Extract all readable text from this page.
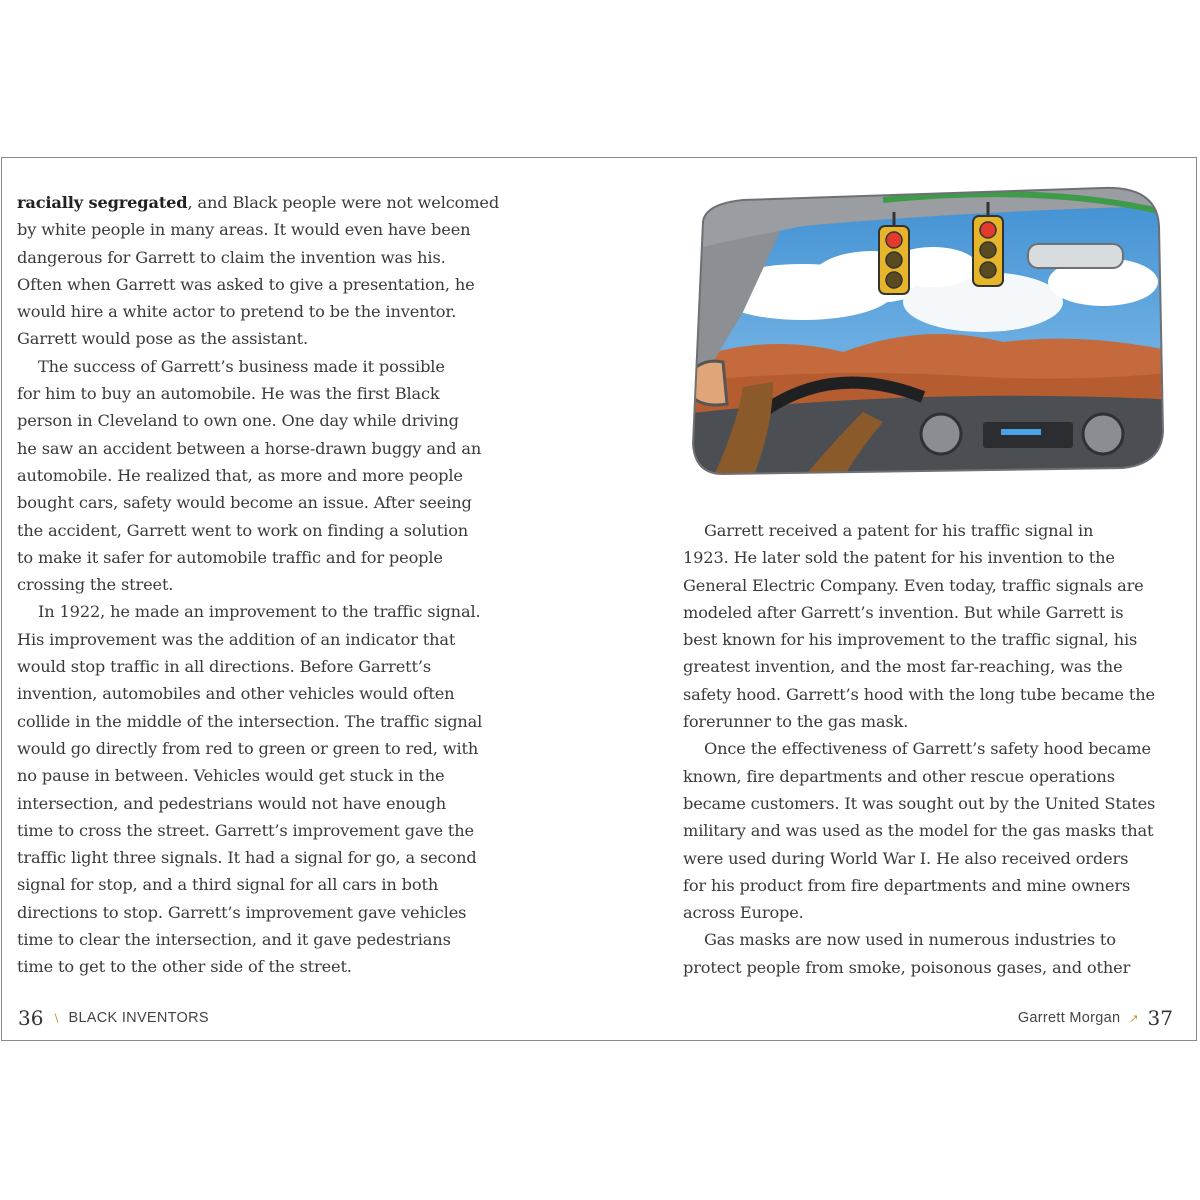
racially segregated, and Black people were not welcomed

by white people in many areas. It would even have been

dangerous for Garrett to claim the invention was his.

Often when Garrett was asked to give a presentation, he

would hire a white actor to pretend to be the inventor.

Garrett would pose as the assistant.

The success of Garrett’s business made it possible

for him to buy an automobile. He was the first Black

person in Cleveland to own one. One day while driving

he saw an accident between a horse-drawn buggy and an

automobile. He realized that, as more and more people

bought cars, safety would become an issue. After seeing

the accident, Garrett went to work on finding a solution

to make it safer for automobile traffic and for people

crossing the street.

In 1922, he made an improvement to the traffic signal.

His improvement was the addition of an indicator that

would stop traffic in all directions. Before Garrett’s

invention, automobiles and other vehicles would often

collide in the middle of the intersection. The traffic signal

would go directly from red to green or green to red, with

no pause in between. Vehicles would get stuck in the

intersection, and pedestrians would not have enough

time to cross the street. Garrett’s improvement gave the

traffic light three signals. It had a signal for go, a second

signal for stop, and a third signal for all cars in both

directions to stop. Garrett’s improvement gave vehicles

time to clear the intersection, and it gave pedestrians

time to get to the other side of the street.

36 ∖ BLACK INVENTORS

Garrett received a patent for his traffic signal in

1923. He later sold the patent for his invention to the

General Electric Company. Even today, traffic signals are

modeled after Garrett’s invention. But while Garrett is

best known for his improvement to the traffic signal, his

greatest invention, and the most far-reaching, was the

safety hood. Garrett’s hood with the long tube became the

forerunner to the gas mask.

Once the effectiveness of Garrett’s safety hood became

known, fire departments and other rescue operations

became customers. It was sought out by the United States

military and was used as the model for the gas masks that

were used during World War I. He also received orders

for his product from fire departments and mine owners

across Europe.

Gas masks are now used in numerous industries to

protect people from smoke, poisonous gases, and other

Garrett Morgan ↗ 37
